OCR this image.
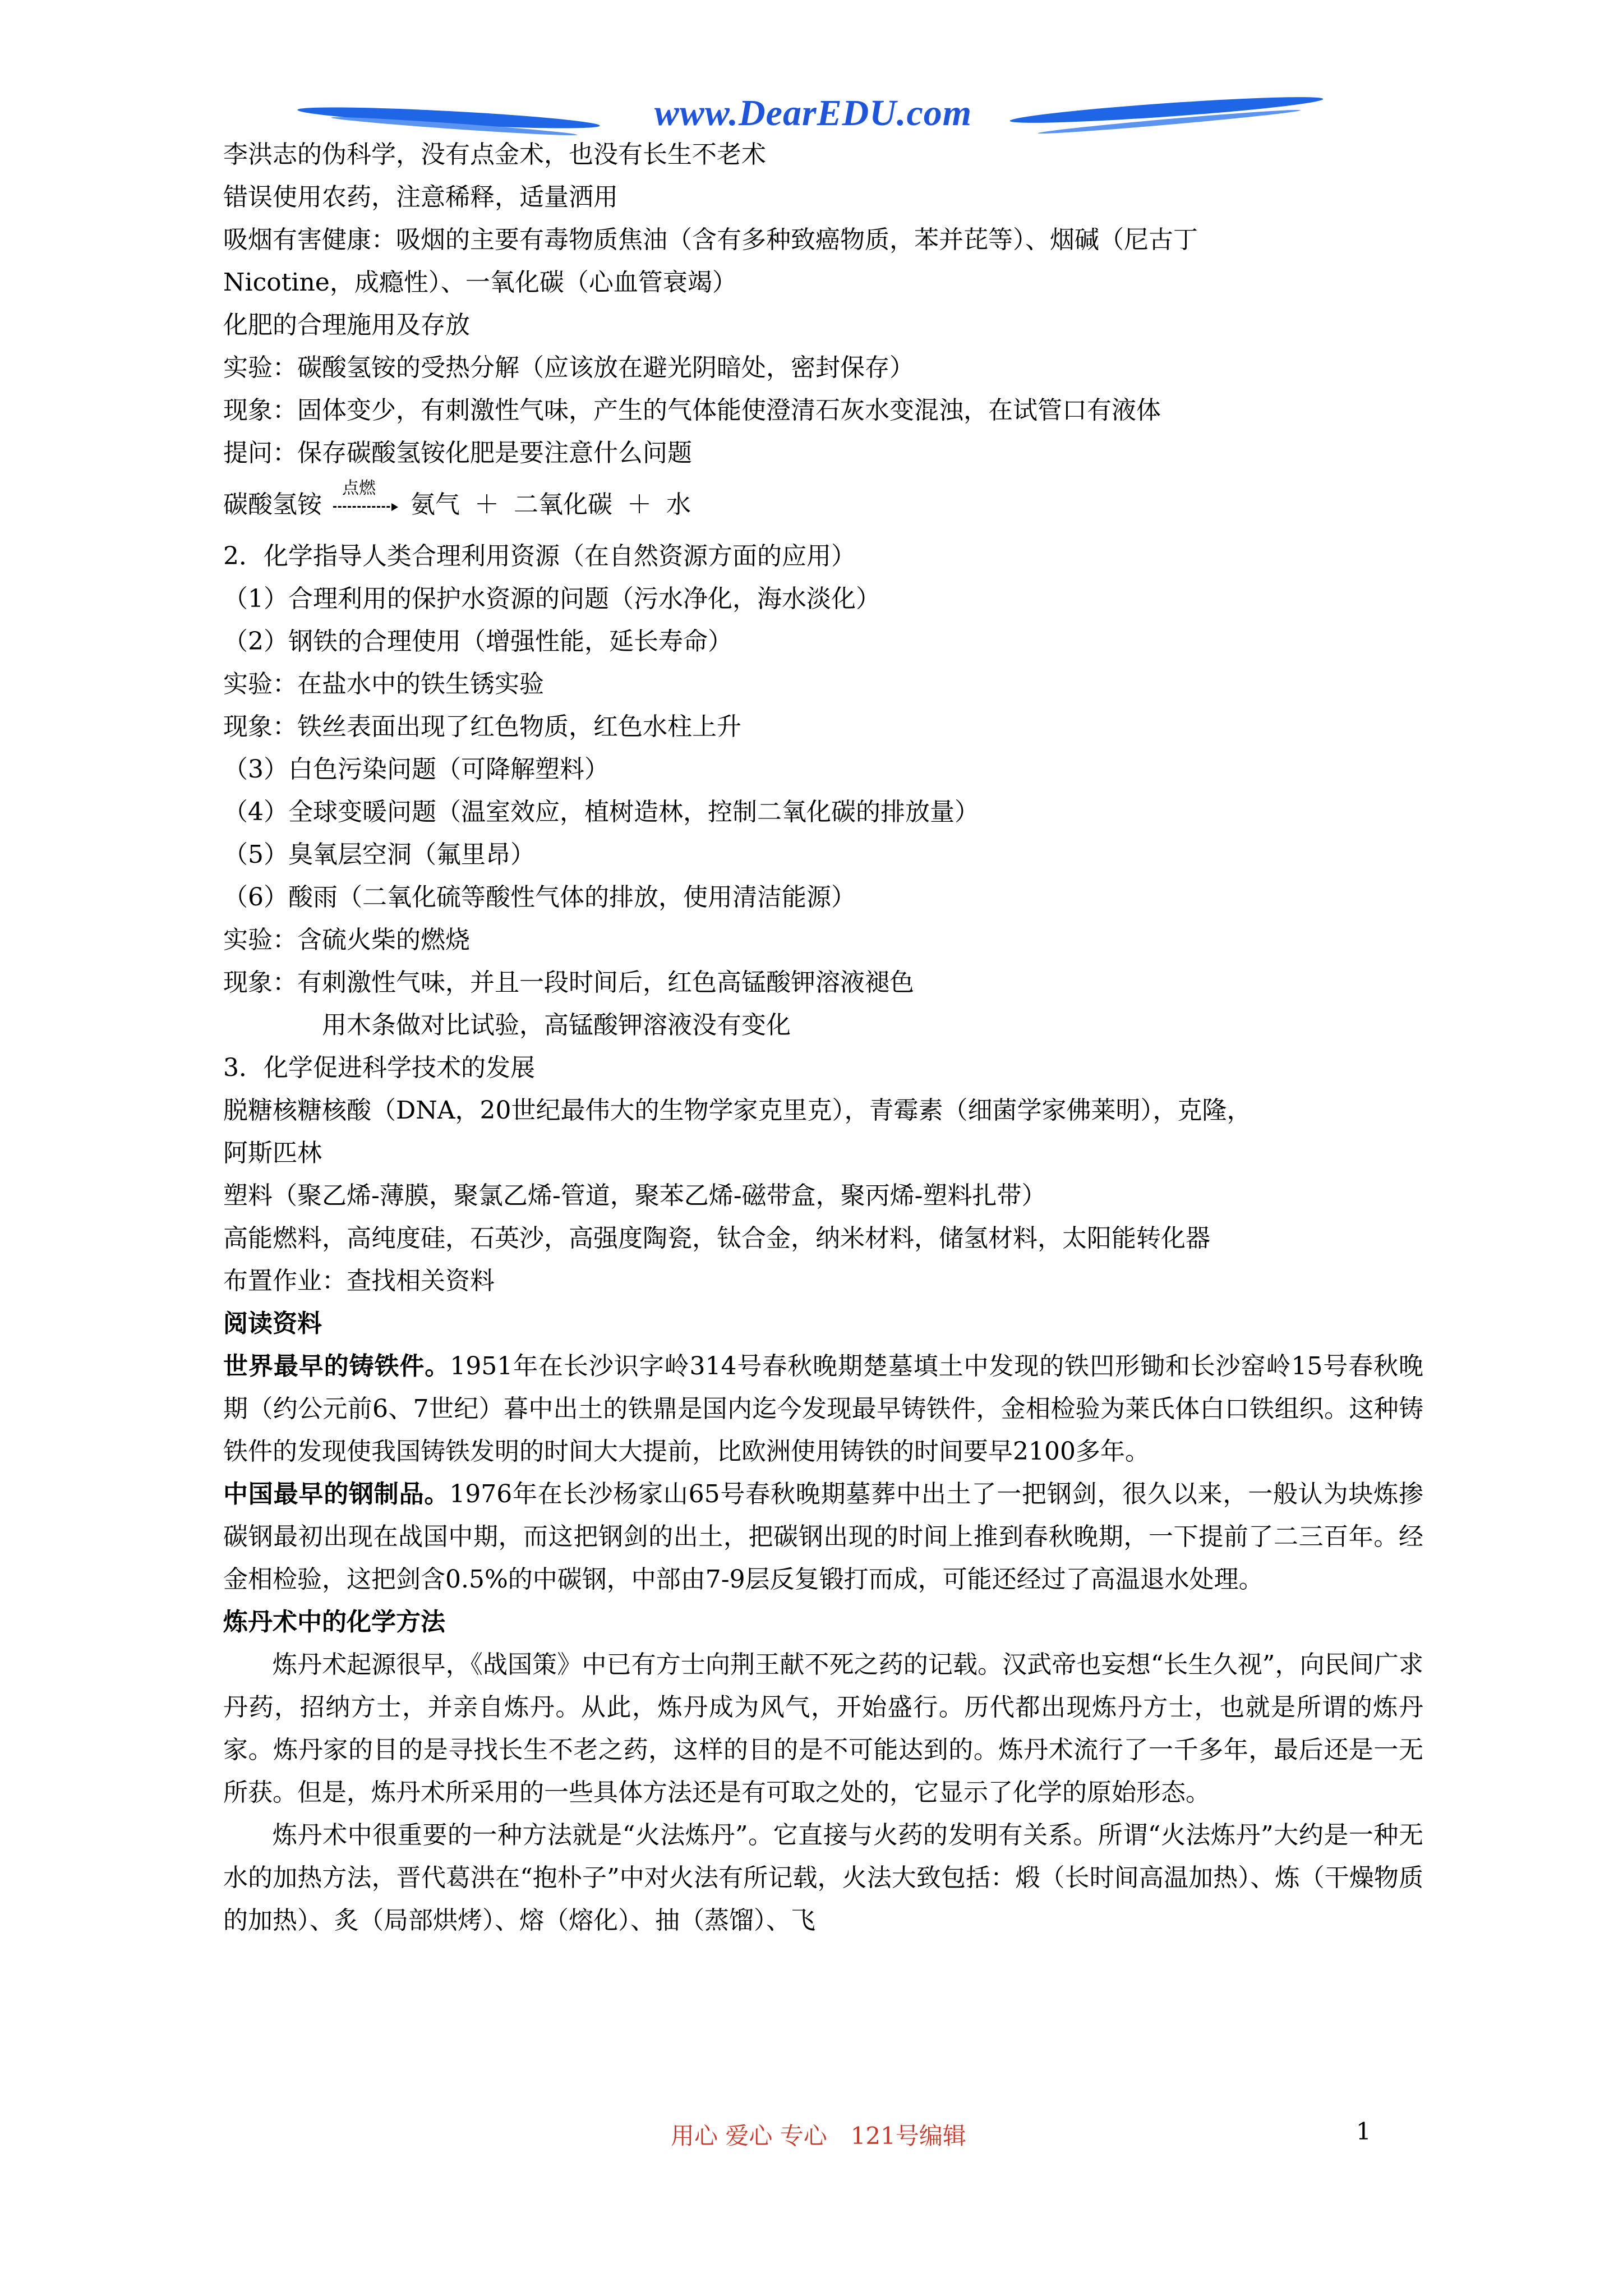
www.DearEDU.com

李洪志的伪科学，没有点金术，也没有长生不老术

错误使用农药，注意稀释，适量洒用

吸烟有害健康：吸烟的主要有毒物质焦油（含有多种致癌物质，苯并芘等）、烟碱（尼古丁

Nicotine，成瘾性）、一氧化碳（心血管衰竭）

化肥的合理施用及存放

实验：碳酸氢铵的受热分解（应该放在避光阴暗处，密封保存）

现象：固体变少，有刺激性气味，产生的气体能使澄清石灰水变混浊，在试管口有液体

提问：保存碳酸氢铵化肥是要注意什么问题

碳酸氢铵
点燃
氨气 ＋ 二氧化碳 ＋ 水

2．化学指导人类合理利用资源（在自然资源方面的应用）

（1）合理利用的保护水资源的问题（污水净化，海水淡化）

（2）钢铁的合理使用（增强性能，延长寿命）

实验：在盐水中的铁生锈实验

现象：铁丝表面出现了红色物质，红色水柱上升

（3）白色污染问题（可降解塑料）

（4）全球变暖问题（温室效应，植树造林，控制二氧化碳的排放量）

（5）臭氧层空洞（氟里昂）

（6）酸雨（二氧化硫等酸性气体的排放，使用清洁能源）

实验：含硫火柴的燃烧

现象：有刺激性气味，并且一段时间后，红色高锰酸钾溶液褪色

用木条做对比试验，高锰酸钾溶液没有变化

3．化学促进科学技术的发展

脱糖核糖核酸（DNA，20世纪最伟大的生物学家克里克），青霉素（细菌学家佛莱明），克隆，

阿斯匹林

塑料（聚乙烯-薄膜，聚氯乙烯-管道，聚苯乙烯-磁带盒，聚丙烯-塑料扎带）

高能燃料，高纯度硅，石英沙，高强度陶瓷，钛合金，纳米材料，储氢材料，太阳能转化器

布置作业：查找相关资料

阅读资料

世界最早的铸铁件。1951年在长沙识字岭314号春秋晚期楚墓填土中发现的铁凹形锄和长沙窑岭15号春秋晚期（约公元前6、7世纪）暮中出土的铁鼎是国内迄今发现最早铸铁件，金相检验为莱氏体白口铁组织。这种铸铁件的发现使我国铸铁发明的时间大大提前，比欧洲使用铸铁的时间要早2100多年。

中国最早的钢制品。1976年在长沙杨家山65号春秋晚期墓葬中出土了一把钢剑，很久以来，一般认为块炼掺碳钢最初出现在战国中期，而这把钢剑的出土，把碳钢出现的时间上推到春秋晚期，一下提前了二三百年。经金相检验，这把剑含0.5%的中碳钢，中部由7-9层反复锻打而成，可能还经过了高温退水处理。

炼丹术中的化学方法

炼丹术起源很早，《战国策》中已有方士向荆王献不死之药的记载。汉武帝也妄想“长生久视”，向民间广求丹药，招纳方士，并亲自炼丹。从此，炼丹成为风气，开始盛行。历代都出现炼丹方士，也就是所谓的炼丹家。炼丹家的目的是寻找长生不老之药，这样的目的是不可能达到的。炼丹术流行了一千多年，最后还是一无所获。但是，炼丹术所采用的一些具体方法还是有可取之处的，它显示了化学的原始形态。

炼丹术中很重要的一种方法就是“火法炼丹”。它直接与火药的发明有关系。所谓“火法炼丹”大约是一种无水的加热方法，晋代葛洪在“抱朴子”中对火法有所记载，火法大致包括：煅（长时间高温加热）、炼（干燥物质的加热）、炙（局部烘烤）、熔（熔化）、抽（蒸馏）、飞

用心 爱心 专心　121号编辑	1
